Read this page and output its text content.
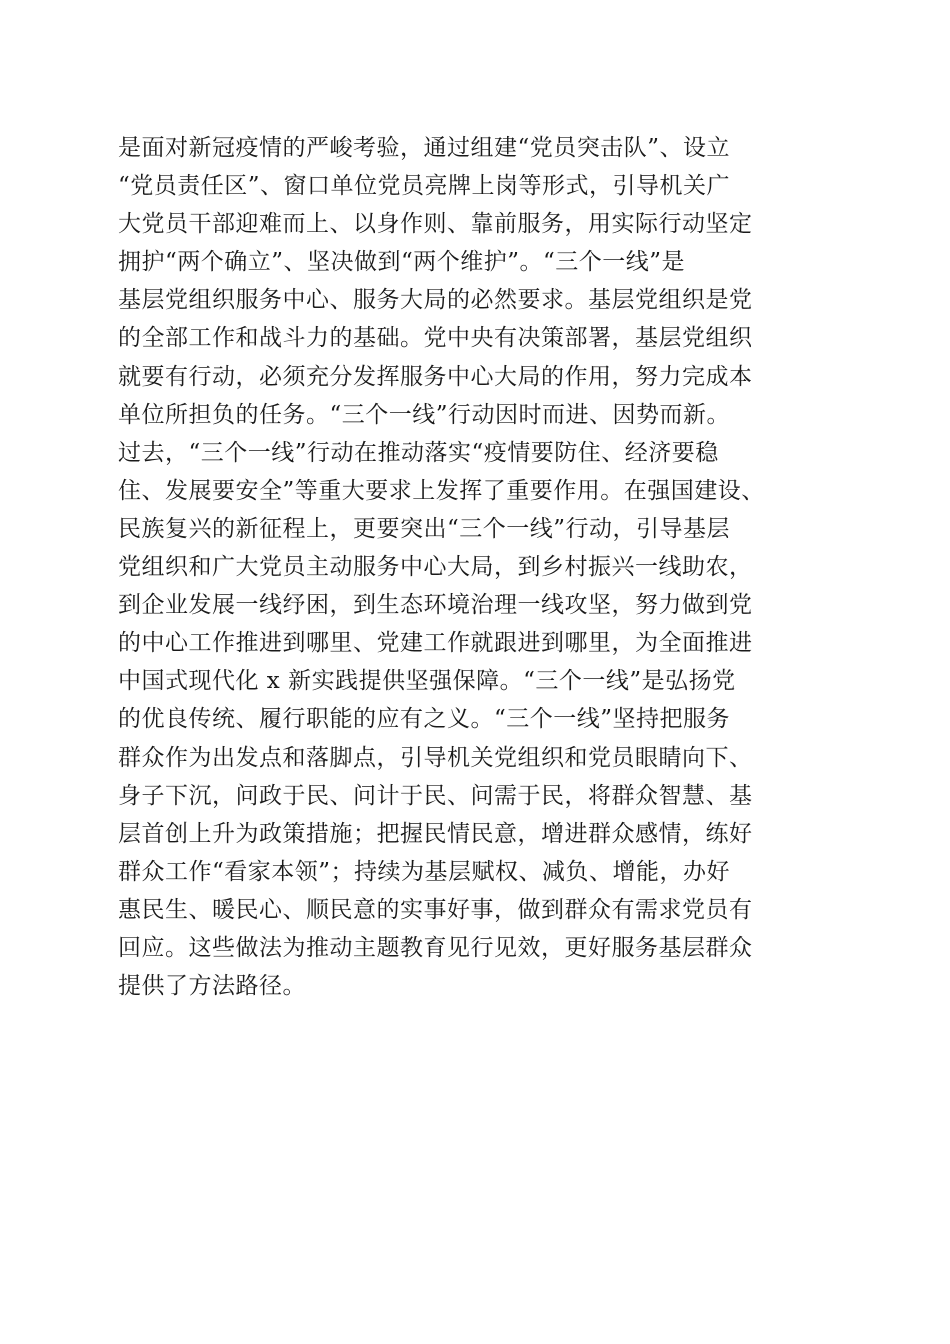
是面对新冠疫情的严峻考验，通过组建“党员突击队”、设立
“党员责任区”、窗口单位党员亮牌上岗等形式，引导机关广
大党员干部迎难而上、以身作则、靠前服务，用实际行动坚定
拥护“两个确立”、坚决做到“两个维护”。“三个一线”是
基层党组织服务中心、服务大局的必然要求。基层党组织是党
的全部工作和战斗力的基础。党中央有决策部署，基层党组织
就要有行动，必须充分发挥服务中心大局的作用，努力完成本
单位所担负的任务。“三个一线”行动因时而进、因势而新。
过去，“三个一线”行动在推动落实“疫情要防住、经济要稳
住、发展要安全”等重大要求上发挥了重要作用。在强国建设、
民族复兴的新征程上，更要突出“三个一线”行动，引导基层
党组织和广大党员主动服务中心大局，到乡村振兴一线助农，
到企业发展一线纾困，到生态环境治理一线攻坚，努力做到党
的中心工作推进到哪里、党建工作就跟进到哪里，为全面推进
中国式现代化 x 新实践提供坚强保障。“三个一线”是弘扬党
的优良传统、履行职能的应有之义。“三个一线”坚持把服务
群众作为出发点和落脚点，引导机关党组织和党员眼睛向下、
身子下沉，问政于民、问计于民、问需于民，将群众智慧、基
层首创上升为政策措施；把握民情民意，增进群众感情，练好
群众工作“看家本领”；持续为基层赋权、减负、增能，办好
惠民生、暖民心、顺民意的实事好事，做到群众有需求党员有
回应。这些做法为推动主题教育见行见效，更好服务基层群众
提供了方法路径。
